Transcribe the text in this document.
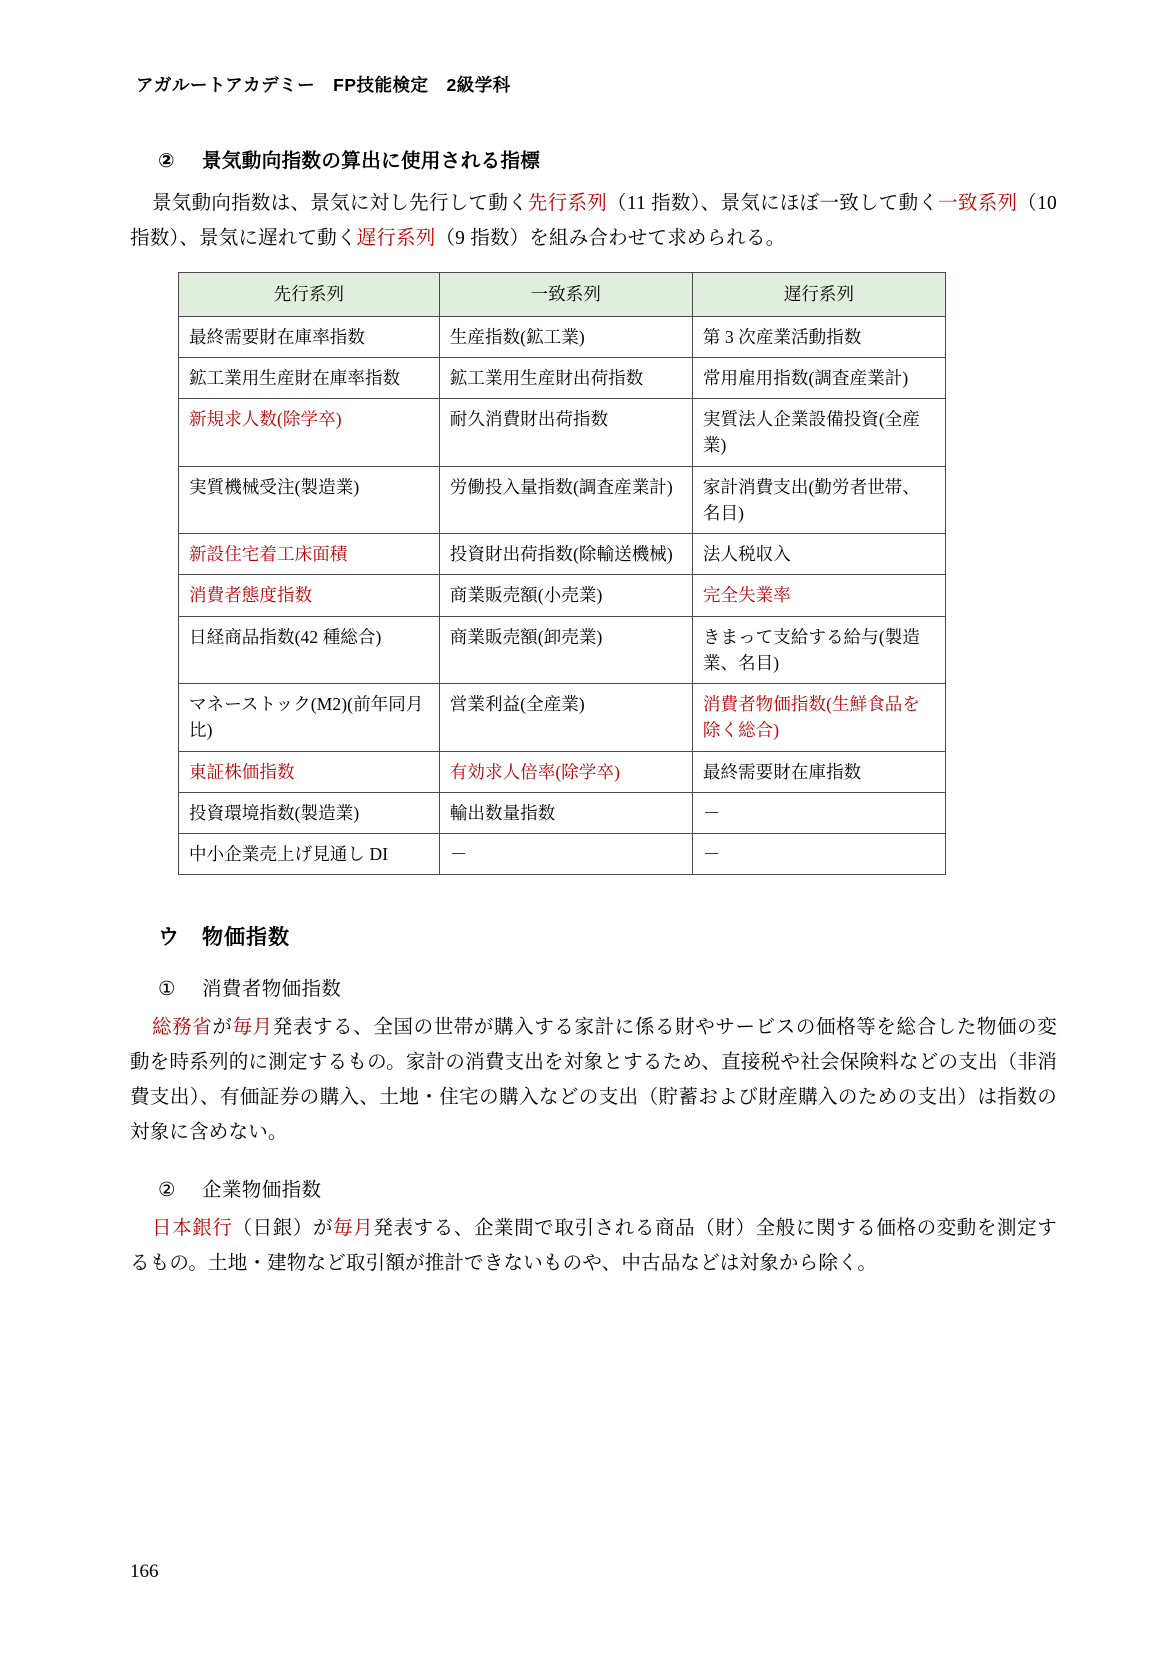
アガルートアカデミー　FP技能検定　2級学科
② 景気動向指数の算出に使用される指標

景気動向指数は、景気に対し先行して動く先行系列（11 指数）、景気にほぼ一致して動く一致系列（10 指数）、景気に遅れて動く遅行系列（9 指数）を組み合わせて求められる。

先行系列	一致系列	遅行系列
最終需要財在庫率指数	生産指数(鉱工業)	第 3 次産業活動指数
鉱工業用生産財在庫率指数	鉱工業用生産財出荷指数	常用雇用指数(調査産業計)
新規求人数(除学卒)	耐久消費財出荷指数	実質法人企業設備投資(全産業)
実質機械受注(製造業)	労働投入量指数(調査産業計)	家計消費支出(勤労者世帯、名目)
新設住宅着工床面積	投資財出荷指数(除輸送機械)	法人税収入
消費者態度指数	商業販売額(小売業)	完全失業率
日経商品指数(42 種総合)	商業販売額(卸売業)	きまって支給する給与(製造業、名目)
マネーストック(M2)(前年同月比)	営業利益(全産業)	消費者物価指数(生鮮食品を除く総合)
東証株価指数	有効求人倍率(除学卒)	最終需要財在庫指数
投資環境指数(製造業)	輸出数量指数	－
中小企業売上げ見通し DI	－	－
ウ 物価指数
① 消費者物価指数

総務省が毎月発表する、全国の世帯が購入する家計に係る財やサービスの価格等を総合した物価の変動を時系列的に測定するもの。家計の消費支出を対象とするため、直接税や社会保険料などの支出（非消費支出）、有価証券の購入、土地・住宅の購入などの支出（貯蓄および財産購入のための支出）は指数の対象に含めない。

② 企業物価指数

日本銀行（日銀）が毎月発表する、企業間で取引される商品（財）全般に関する価格の変動を測定するもの。土地・建物など取引額が推計できないものや、中古品などは対象から除く。

166
